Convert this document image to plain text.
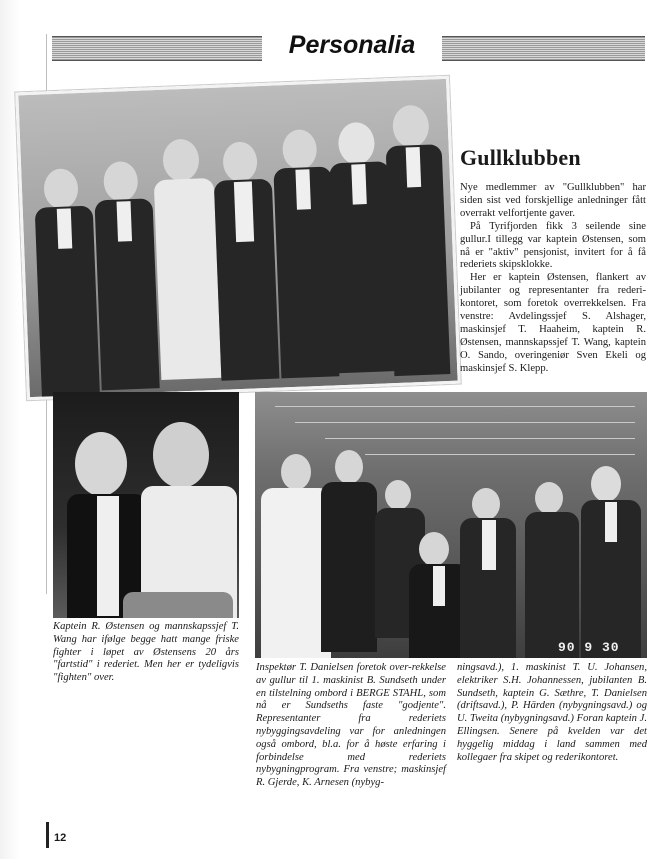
Personalia
Gullklubben

Nye medlemmer av "Gullklubben" har siden sist ved forskjellige anledninger fått overrakt velfortjente gaver.

På Tyrifjorden fikk 3 seilende sine gullur.I tillegg var kaptein Østensen, som nå er "aktiv" pensjonist, invitert for å få rederiets skipsklokke.

Her er kaptein Østensen, flankert av jubilanter og representanter fra rederi-kontoret, som foretok overrekkelsen. Fra venstre: Avdelingssjef S. Alshager, maskinsjef T. Haaheim, kaptein R. Østensen, mannskapssjef T. Wang, kaptein O. Sando, overingeniør Sven Ekeli og maskinsjef S. Klepp.

Kaptein R. Østensen og mannskapssjef T. Wang har ifølge begge hatt mange friske fighter i løpet av Østensens 20 års "fartstid" i rederiet. Men her er tydeligvis "fighten" over.
90 9 30
Inspektør T. Danielsen foretok over-rekkelse av gullur til 1. maskinist B. Sundseth under en tilstelning ombord i BERGE STAHL, som nå er Sundseths faste "godjente". Representanter fra rederiets nybyggingsavdeling var for anledningen også ombord, bl.a. for å høste erfaring i forbindelse med rederiets nybygningprogram. Fra venstre; maskinsjef R. Gjerde, K. Arnesen (nybyg-
ningsavd.), 1. maskinist T. U. Johansen, elektriker S.H. Johannessen, jubilanten B. Sundseth, kaptein G. Sæthre, T. Danielsen (driftsavd.), P. Härden (nybygningsavd.) og U. Tweita (nybygningsavd.) Foran kaptein J. Ellingsen. Senere på kvelden var det hyggelig middag i land sammen med kollegaer fra skipet og rederikontoret.
12
